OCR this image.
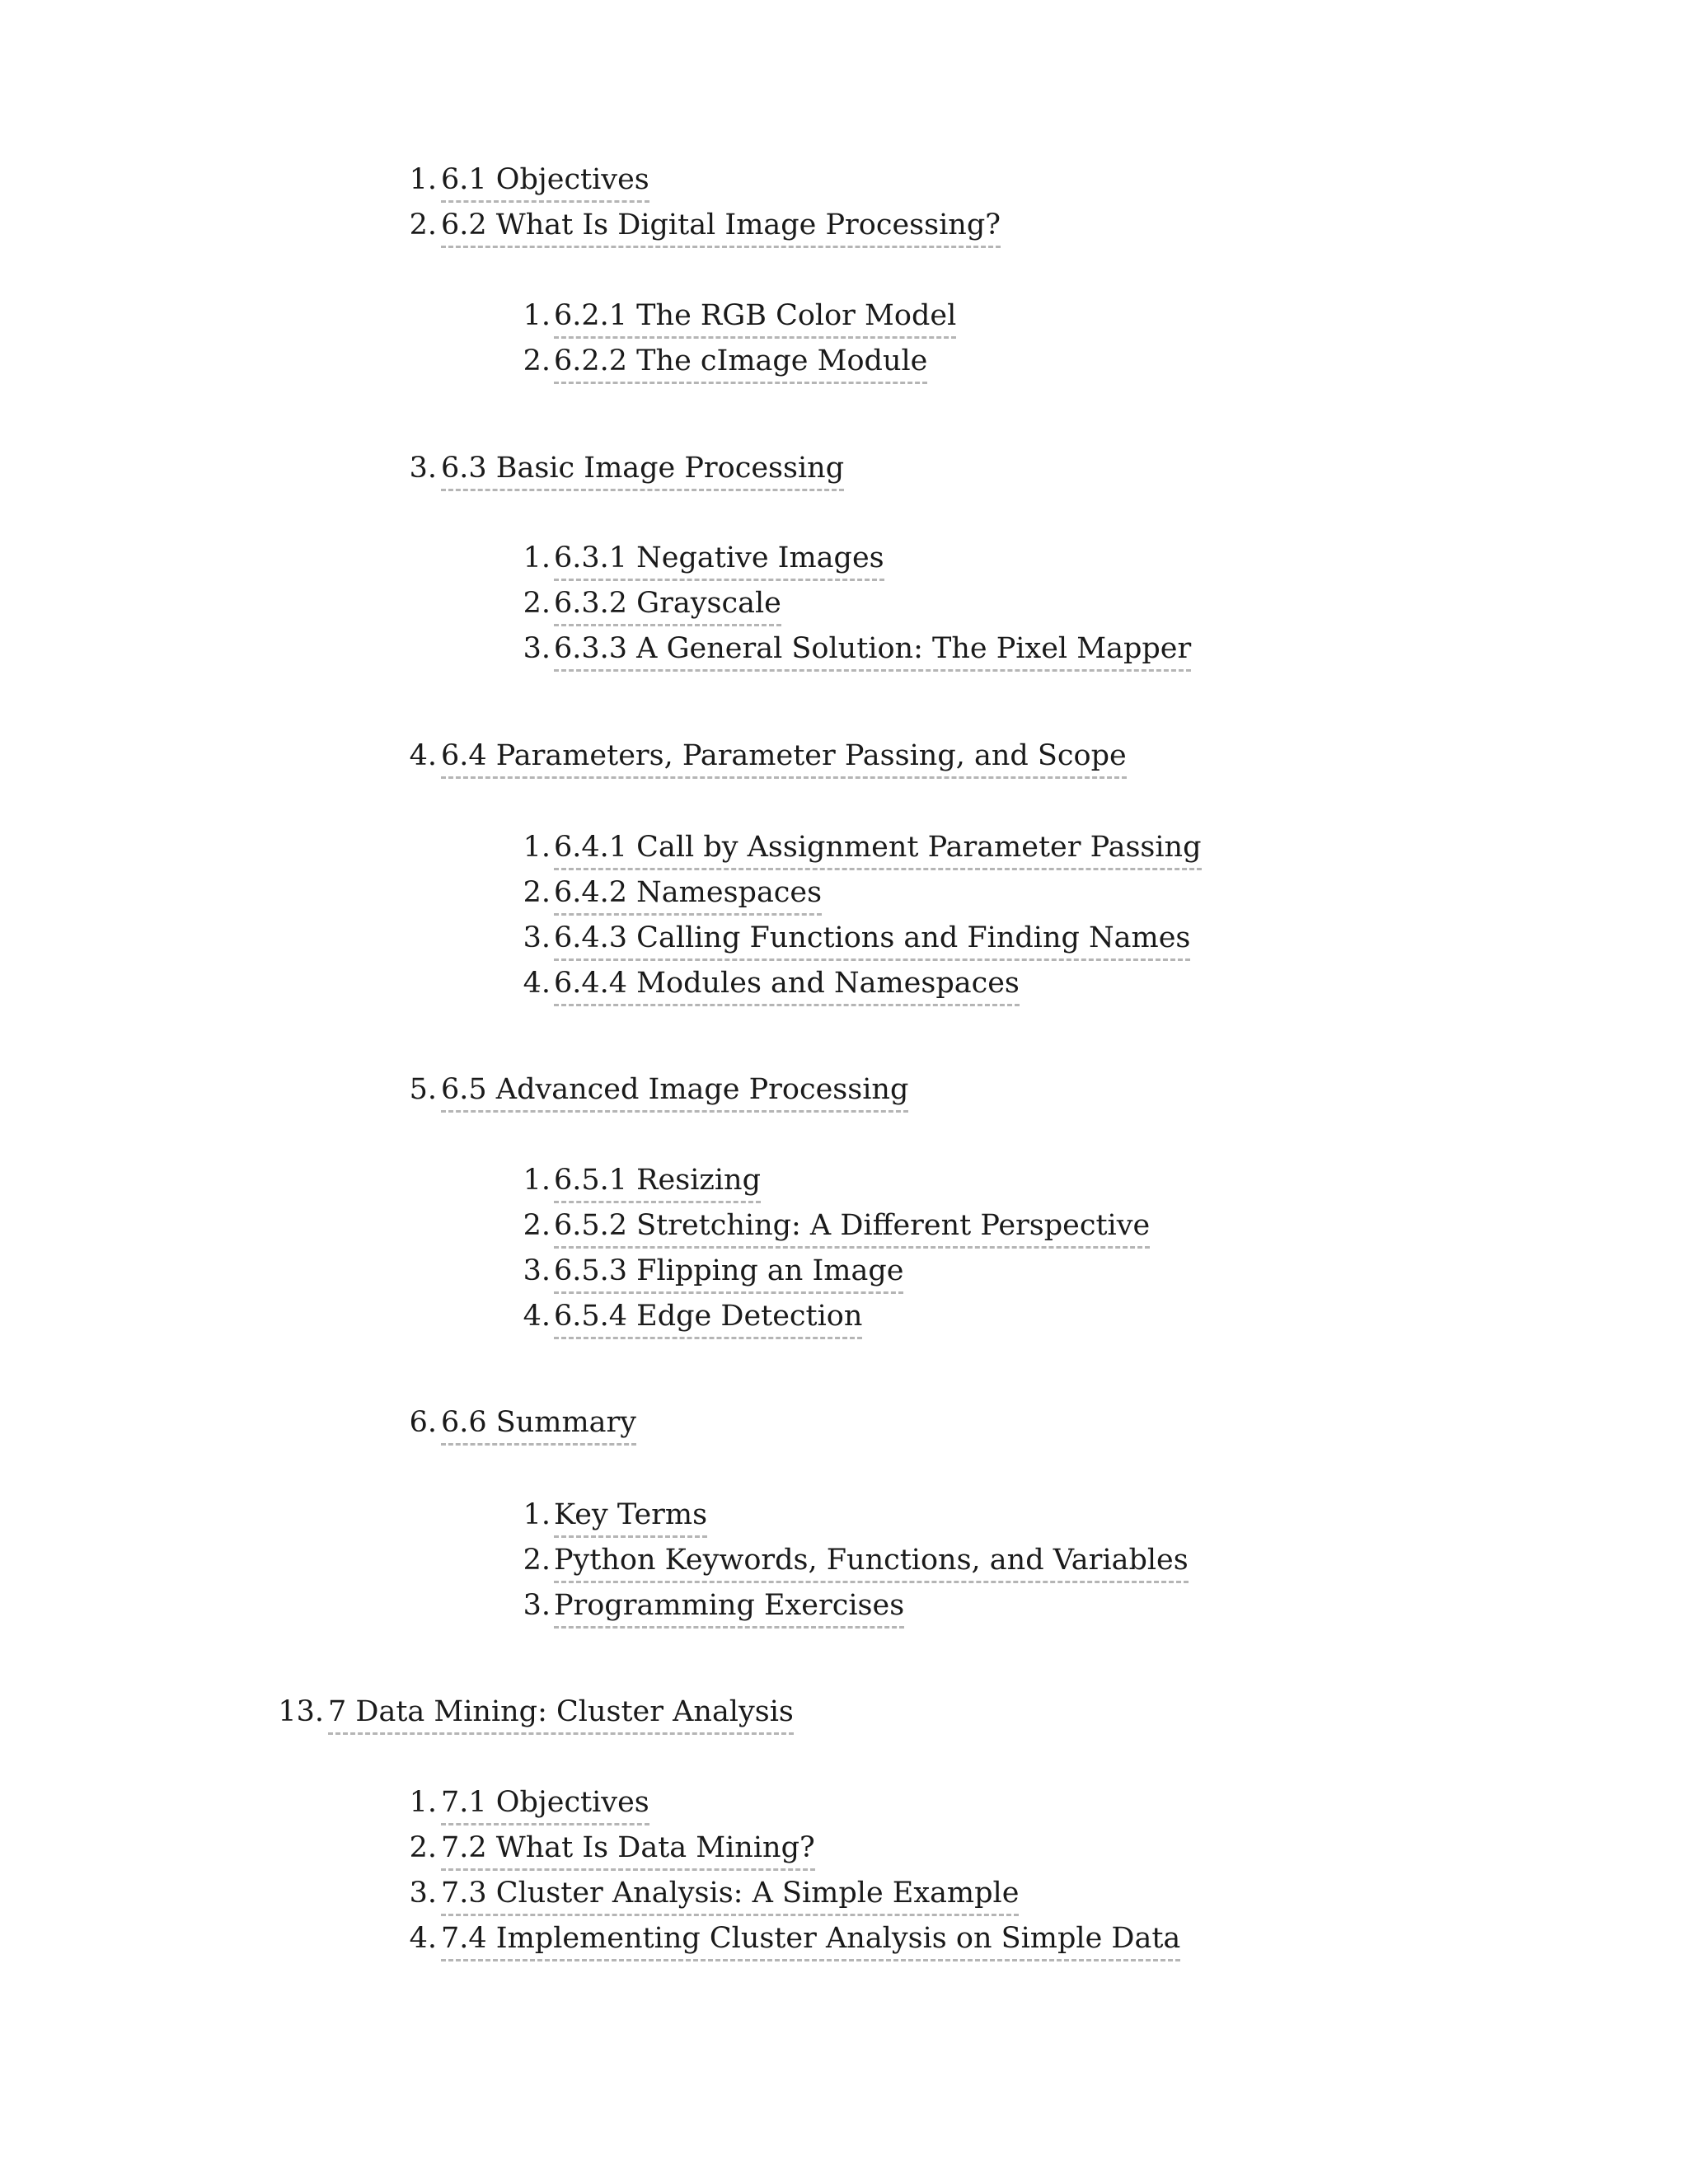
1. 6.1 Objectives
2. 6.2 What Is Digital Image Processing?
1. 6.2.1 The RGB Color Model
2. 6.2.2 The cImage Module
3. 6.3 Basic Image Processing
1. 6.3.1 Negative Images
2. 6.3.2 Grayscale
3. 6.3.3 A General Solution: The Pixel Mapper
4. 6.4 Parameters, Parameter Passing, and Scope
1. 6.4.1 Call by Assignment Parameter Passing
2. 6.4.2 Namespaces
3. 6.4.3 Calling Functions and Finding Names
4. 6.4.4 Modules and Namespaces
5. 6.5 Advanced Image Processing
1. 6.5.1 Resizing
2. 6.5.2 Stretching: A Different Perspective
3. 6.5.3 Flipping an Image
4. 6.5.4 Edge Detection
6. 6.6 Summary
1. Key Terms
2. Python Keywords, Functions, and Variables
3. Programming Exercises
13. 7 Data Mining: Cluster Analysis
1. 7.1 Objectives
2. 7.2 What Is Data Mining?
3. 7.3 Cluster Analysis: A Simple Example
4. 7.4 Implementing Cluster Analysis on Simple Data
